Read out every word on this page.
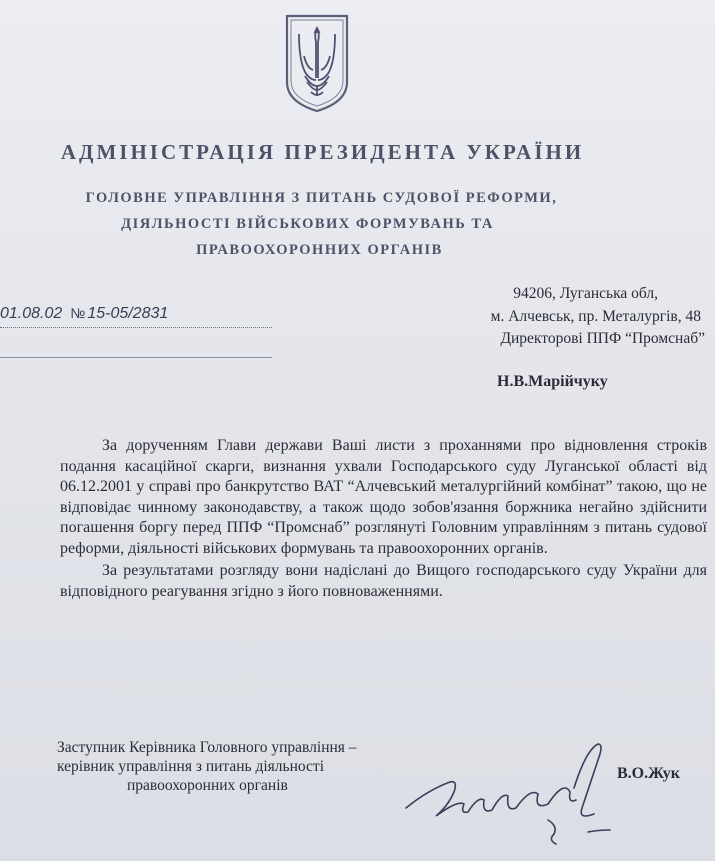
АДМІНІСТРАЦІЯ ПРЕЗИДЕНТА УКРАЇНИ
ГОЛОВНЕ УПРАВЛІННЯ З ПИТАНЬ СУДОВОЇ РЕФОРМИ,
ДІЯЛЬНОСТІ ВІЙСЬКОВИХ ФОРМУВАНЬ ТА
ПРАВООХОРОННИХ ОРГАНІВ
01.08.02 № 15-05/2831
94206, Луганська обл,
м. Алчевськ, пр. Металургів, 48
Директорові ППФ “Промснаб”
Н.В.Марійчуку

За дорученням Глави держави Ваші листи з проханнями про відновлення строків подання касаційної скарги, визнання ухвали Господарського суду Луганської області від 06.12.2001 у справі про банкрутство ВАТ “Алчевський металургійний комбінат” такою, що не відповідає чинному законодавству, а також щодо зобов'язання боржника негайно здійснити погашення боргу перед ППФ “Промснаб” розглянуті Головним управлінням з питань судової реформи, діяльності військових формувань та правоохоронних органів.

За результатами розгляду вони надіслані до Вищого господарського суду України для відповідного реагування згідно з його повноваженнями.

Заступник Керівника Головного управління –
керівник управління з питань діяльності
правоохоронних органів
В.О.Жук
